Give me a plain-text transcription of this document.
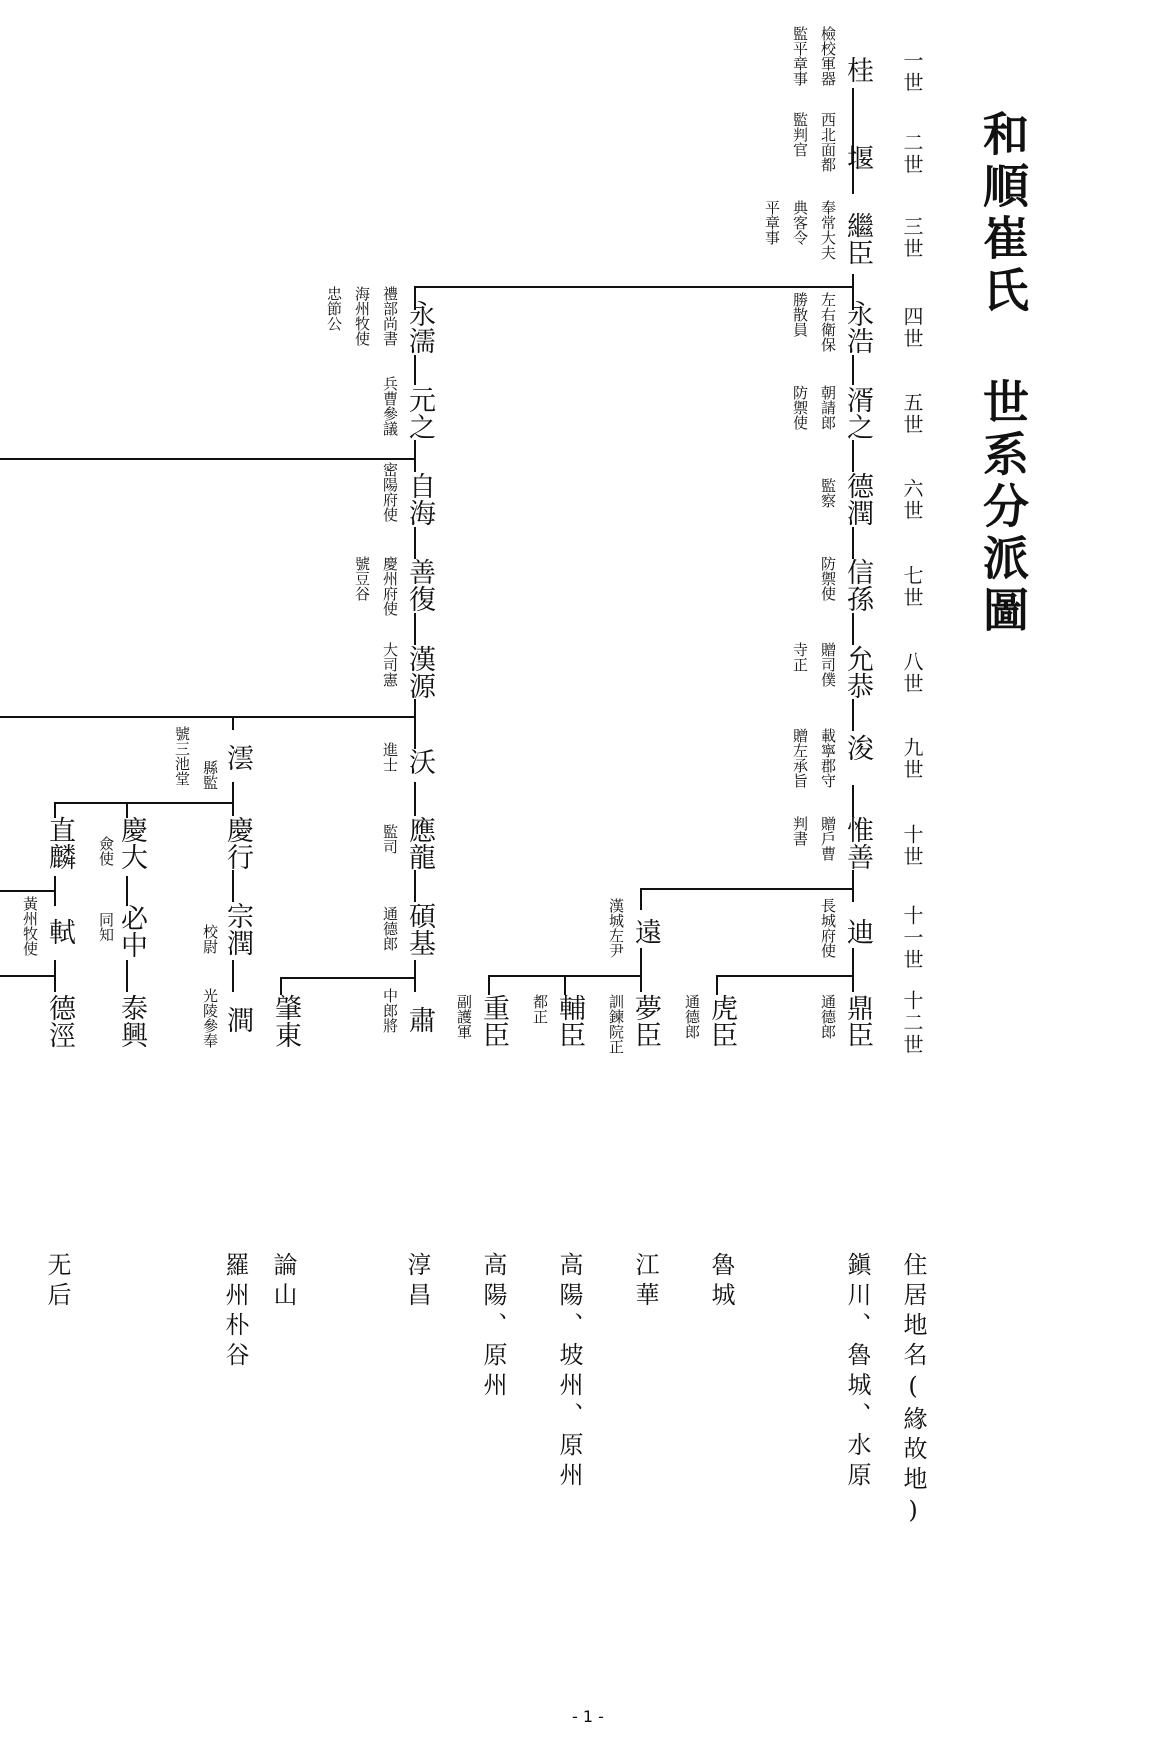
和順崔氏 世系分派圖
一世
二世
三世
四世
五世
六世
七世
八世
九世
十世
十一世
十二世
桂
堰
繼臣
永浩
湑之
德潤
信孫
允恭
浚
惟善
迪
鼎臣
虎臣
遠
夢臣
輔臣
重臣
檢校軍器
監平章事
西北面都
監判官
奉常大夫
典客令
平章事
左右衛保
勝散員
朝請郎
防禦使
監察
防禦使
贈司僕
寺正
載寧郡守
贈左承旨
贈戶曹
判書
長城府使
通德郎
通德郎
漢城左尹
訓鍊院正
都正
副護軍
永濡
元之
自海
善復
漢源
沃
應龍
碩基
肅
肇東
禮部尚書
海州牧使
忠節公
兵曹參議
密陽府使
慶州府使
號豆谷
大司憲
進士
監司
通德郎
中郎將
澐
慶行
宗潤
澗
慶大
必中
泰興
直麟
軾
德涇
縣監
號三池堂
校尉
光陵參奉
僉使
同知
黃州牧使
住居地名(緣故地)
鎭川、魯城、水原
魯城
江華
高陽、坡州、原州
高陽、原州
淳昌
論山
羅州朴谷
无后
- 1 -
